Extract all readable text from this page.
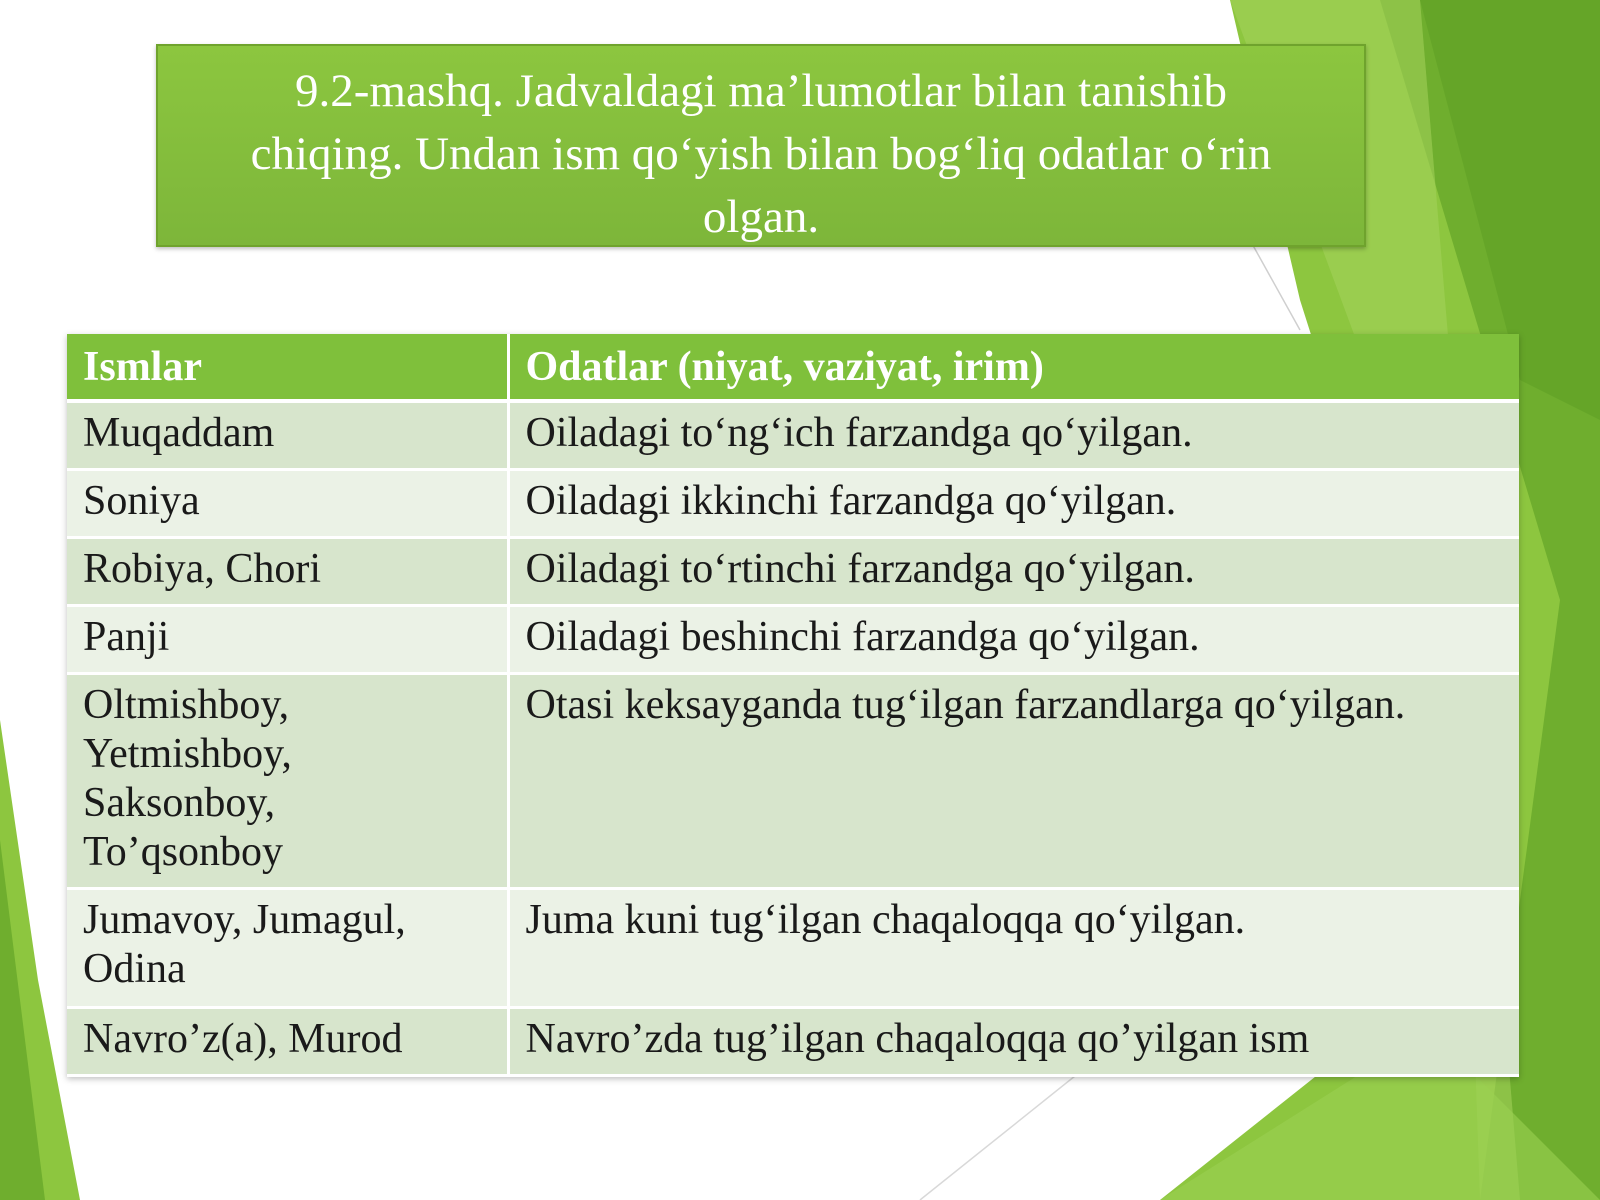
9.2-mashq. Jadvaldagi ma’lumotlar bilan tanishib
chiqing. Undan ism qo‘yish bilan bog‘liq odatlar o‘rin
olgan.
Ismlar	Odatlar (niyat, vaziyat, irim)
Muqaddam	Oiladagi to‘ng‘ich farzandga qo‘yilgan.
Soniya	Oiladagi ikkinchi farzandga qo‘yilgan.
Robiya, Chori	Oiladagi to‘rtinchi farzandga qo‘yilgan.
Panji	Oiladagi beshinchi farzandga qo‘yilgan.
Oltmishboy,
Yetmishboy,
Saksonboy,
To’qsonboy	Otasi keksayganda tug‘ilgan farzandlarga qo‘yilgan.
Jumavoy, Jumagul,
Odina	Juma kuni tug‘ilgan chaqaloqqa qo‘yilgan.
Navro’z(a), Murod	Navro’zda tug’ilgan chaqaloqqa qo’yilgan ism
